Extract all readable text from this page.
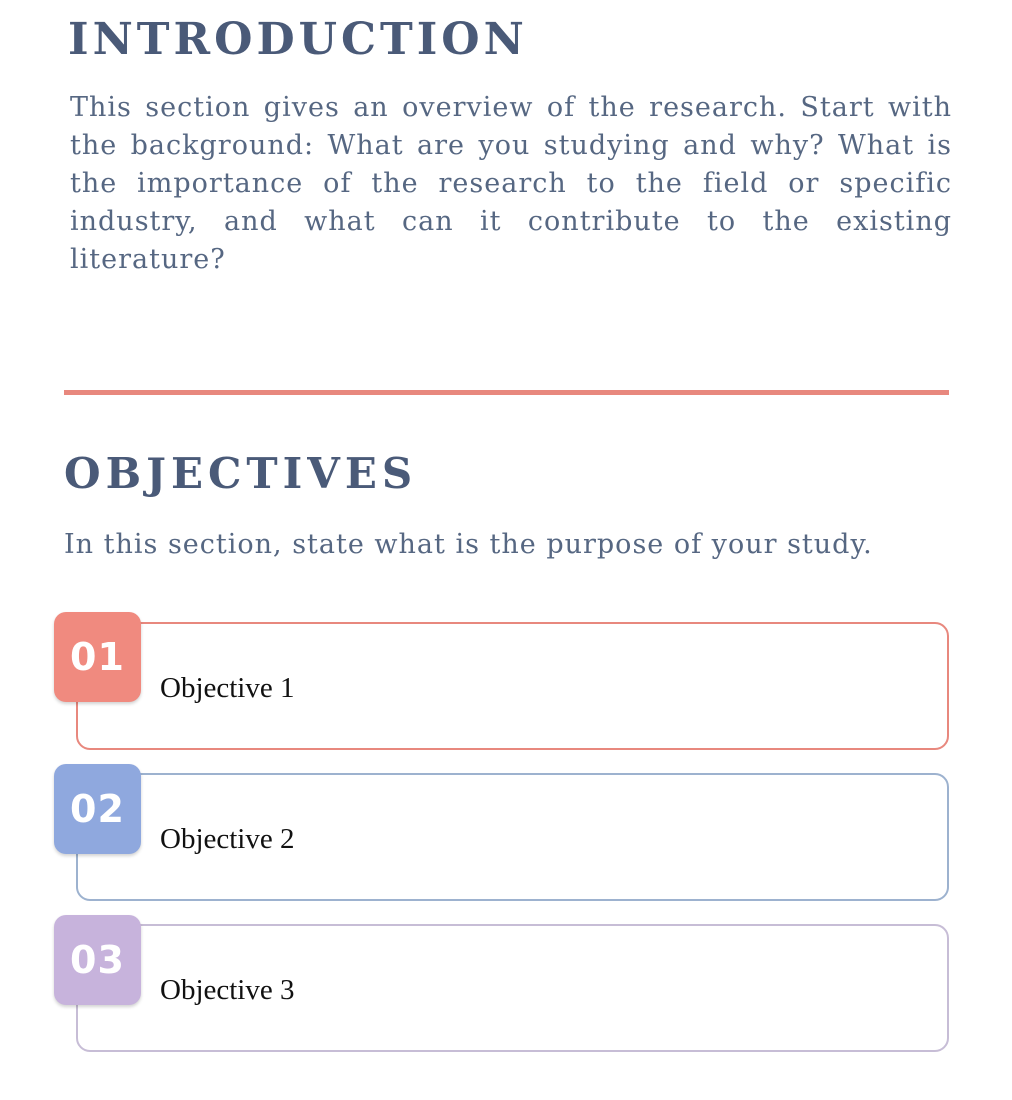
INTRODUCTION

This section gives an overview of the research. Start with the background: What are you studying and why? What is the importance of the research to the field or specific industry, and what can it contribute to the existing literature?

OBJECTIVES

In this section, state what is the purpose of your study.

01
Objective 1
02
Objective 2
03
Objective 3
